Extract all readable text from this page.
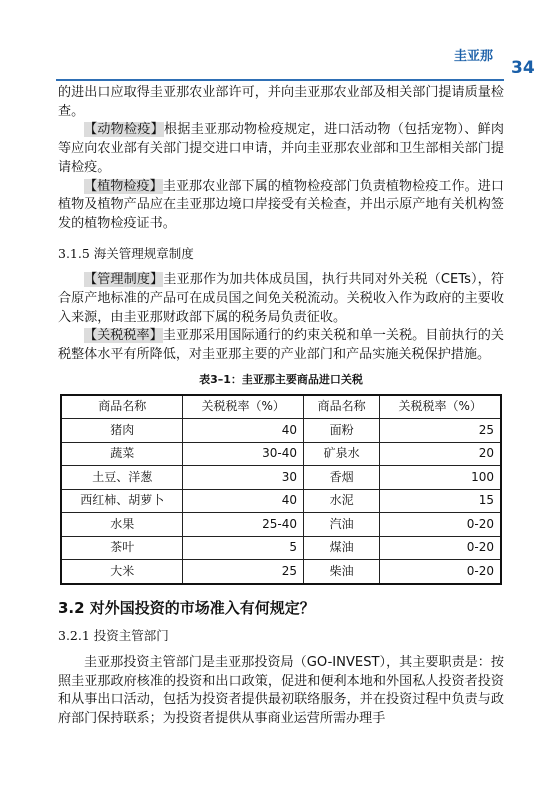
圭亚那
34

的进出口应取得圭亚那农业部许可，并向圭亚那农业部及相关部门提请质量检查。

【动物检疫】根据圭亚那动物检疫规定，进口活动物（包括宠物）、鲜肉等应向农业部有关部门提交进口申请，并向圭亚那农业部和卫生部相关部门提请检疫。

【植物检疫】圭亚那农业部下属的植物检疫部门负责植物检疫工作。进口植物及植物产品应在圭亚那边境口岸接受有关检查，并出示原产地有关机构签发的植物检疫证书。

3.1.5 海关管理规章制度

【管理制度】圭亚那作为加共体成员国，执行共同对外关税（CETs），符合原产地标准的产品可在成员国之间免关税流动。关税收入作为政府的主要收入来源，由圭亚那财政部下属的税务局负责征收。

【关税税率】圭亚那采用国际通行的约束关税和单一关税。目前执行的关税整体水平有所降低，对圭亚那主要的产业部门和产品实施关税保护措施。

表3–1：圭亚那主要商品进口关税

商品名称	关税税率（%）	商品名称	关税税率（%）
猪肉	40	面粉	25
蔬菜	30-40	矿泉水	20
土豆、洋葱	30	香烟	100
西红柿、胡萝卜	40	水泥	15
水果	25-40	汽油	0-20
茶叶	5	煤油	0-20
大米	25	柴油	0-20

3.2 对外国投资的市场准入有何规定？

3.2.1 投资主管部门

圭亚那投资主管部门是圭亚那投资局（GO-INVEST），其主要职责是：按照圭亚那政府核准的投资和出口政策，促进和便利本地和外国私人投资者投资和从事出口活动，包括为投资者提供最初联络服务，并在投资过程中负责与政府部门保持联系；为投资者提供从事商业运营所需办理手
